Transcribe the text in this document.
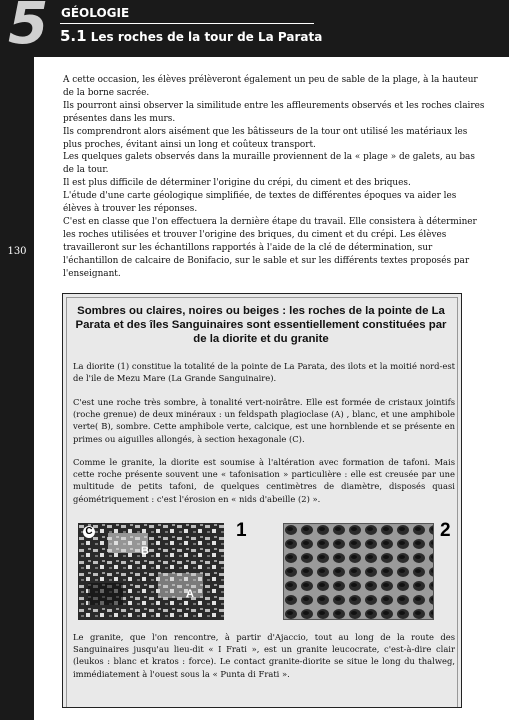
5 GÉOLOGIE
5.1 Les roches de la tour de La Parata
130

A cette occasion, les élèves prélèveront également un peu de sable de la plage, à la hauteur de la borne sacrée.

Ils pourront ainsi observer la similitude entre les affleurements observés et les roches claires présentes dans les murs.

Ils comprendront alors aisément que les bâtisseurs de la tour ont utilisé les matériaux les plus proches, évitant ainsi un long et coûteux transport.

Les quelques galets observés dans la muraille proviennent de la « plage » de galets, au bas de la tour.

Il est plus difficile de déterminer l'origine du crépi, du ciment et des briques.

L'étude d'une carte géologique simplifiée, de textes de différentes époques va aider les élèves à trouver les réponses.

C'est en classe que l'on effectuera la dernière étape du travail. Elle consistera à déterminer les roches utilisées et trouver l'origine des briques, du ciment et du crépi. Les élèves travailleront sur les échantillons rapportés à l'aide de la clé de détermination, sur l'échantillon de calcaire de Bonifacio, sur le sable et sur les différents textes proposés par l'enseignant.

Sombres ou claires, noires ou beiges : les roches de la pointe de La Parata et des îles Sanguinaires sont essentiellement constituées par de la diorite et du granite

La diorite (1) constitue la totalité de la pointe de La Parata, des ilots et la moitié nord-est de l'ile de Mezu Mare (La Grande Sanguinaire).

C'est une roche très sombre, à tonalité vert-noirâtre. Elle est formée de cristaux jointifs (roche grenue) de deux minéraux : un feldspath plagioclase (A) , blanc, et une amphibole verte( B), sombre. Cette amphibole verte, calcique, est une hornblende et se présente en primes ou aiguilles allongés, à section hexagonale (C).

Comme le granite, la diorite est soumise à l'altération avec formation de tafoni. Mais cette roche présente souvent une « tafonisation » particulière : elle est creusée par une multitude de petits tafoni, de quelques centimètres de diamètre, disposés quasi géométriquement : c'est l'érosion en « nids d'abeille (2) ».

C
B
A
1	2

Le granite, que l'on rencontre, à partir d'Ajaccio, tout au long de la route des Sanguinaires jusqu'au lieu-dit « I Frati », est un granite leucocrate, c'est-à-dire clair (leukos : blanc et kratos : force). Le contact granite-diorite se situe le long du thalweg, immédiatement à l'ouest sous la « Punta di Frati ».
